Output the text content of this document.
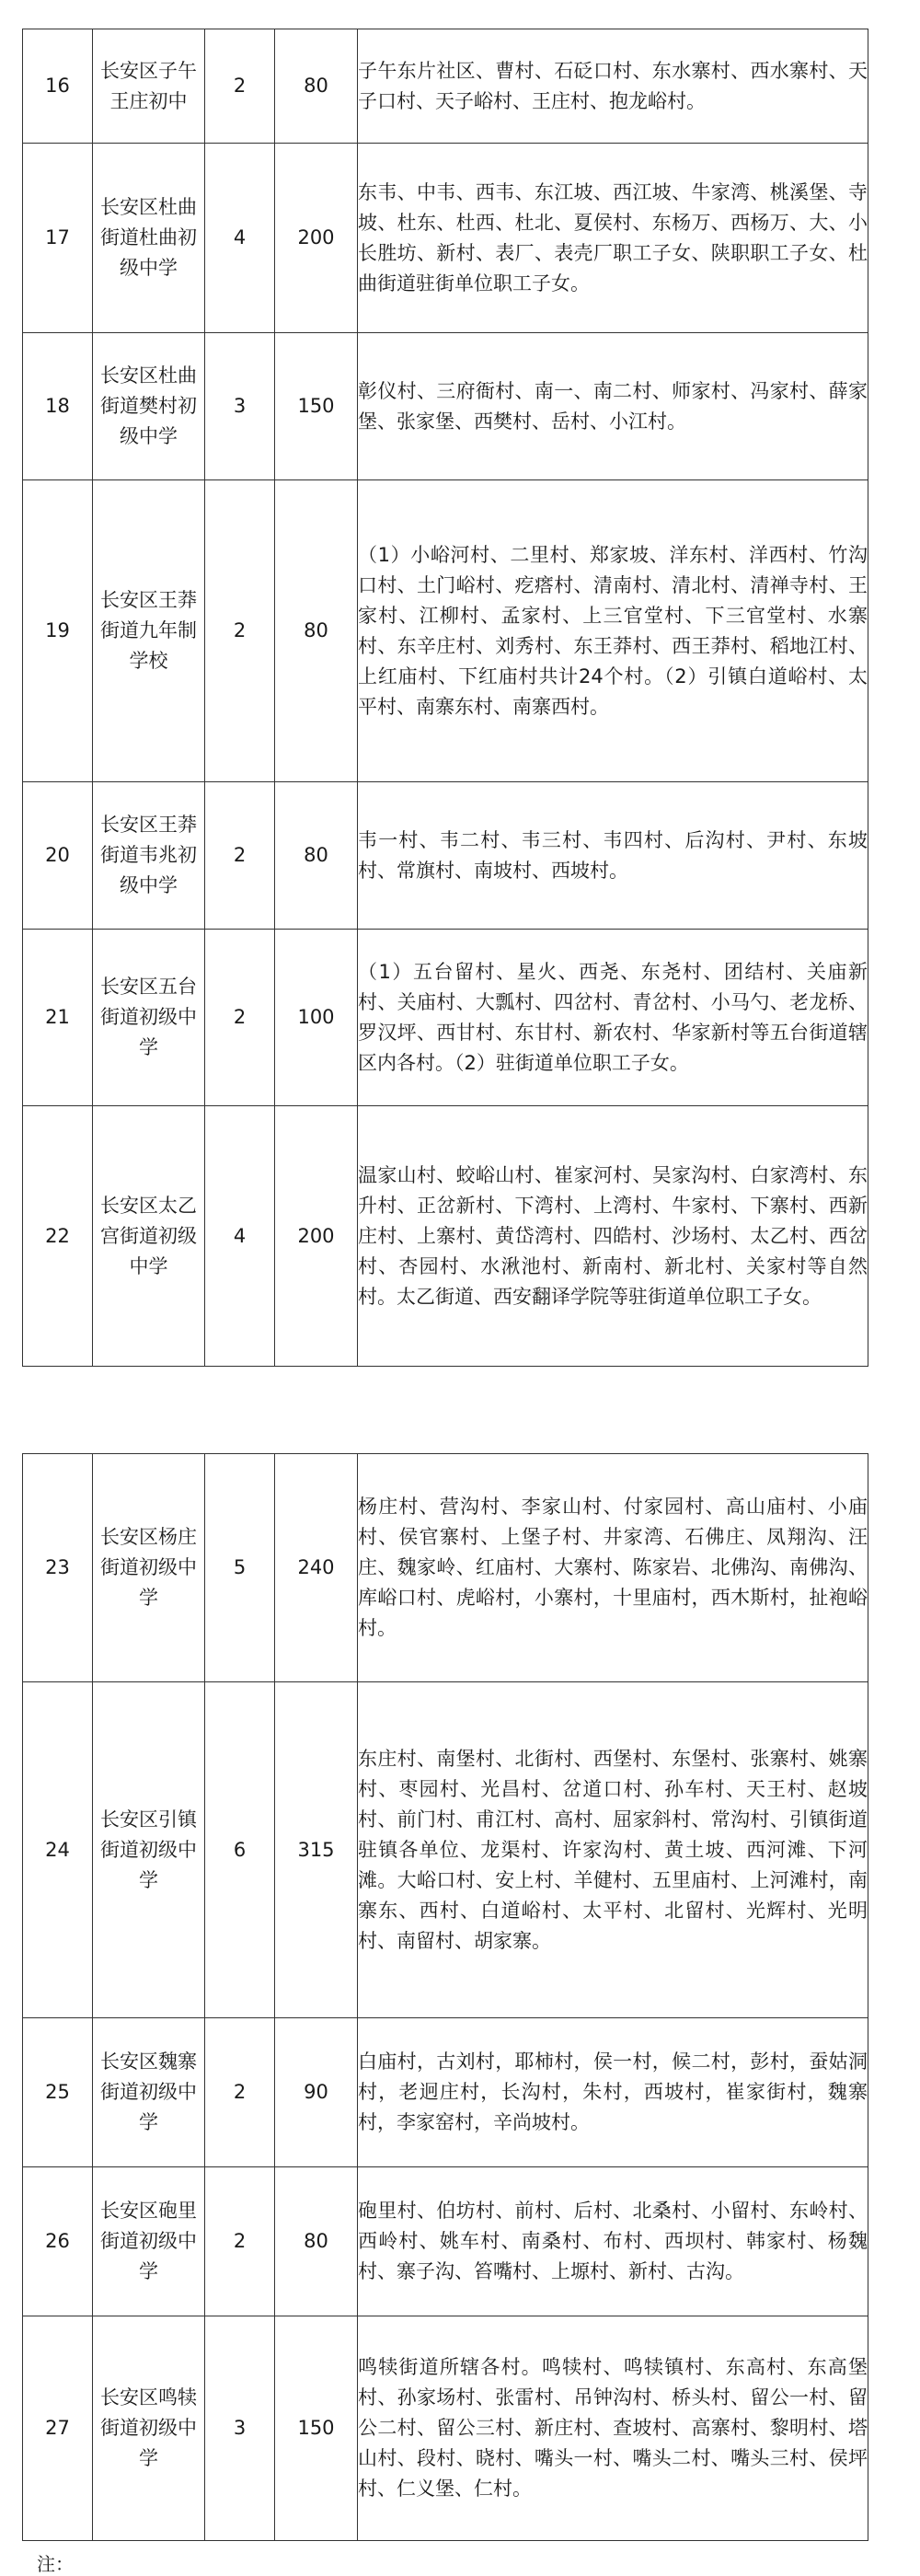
16	长安区子午王庄初中	2	80	子午东片社区、曹村、石砭口村、东水寨村、西水寨村、天子口村、天子峪村、王庄村、抱龙峪村。
17	长安区杜曲街道杜曲初级中学	4	200	东韦、中韦、西韦、东江坡、西江坡、牛家湾、桃溪堡、寺坡、杜东、杜西、杜北、夏侯村、东杨万、西杨万、大、小长胜坊、新村、表厂、表壳厂职工子女、陕职职工子女、杜曲街道驻街单位职工子女。
18	长安区杜曲街道樊村初级中学	3	150	彰仪村、三府衙村、南一、南二村、师家村、冯家村、薛家堡、张家堡、西樊村、岳村、小江村。
19	长安区王莽街道九年制学校	2	80	（1）小峪河村、二里村、郑家坡、洋东村、洋西村、竹沟口村、土门峪村、疙瘩村、清南村、清北村、清禅寺村、王家村、江柳村、孟家村、上三官堂村、下三官堂村、水寨村、东辛庄村、刘秀村、东王莽村、西王莽村、稻地江村、上红庙村、下红庙村共计24个村。（2）引镇白道峪村、太平村、南寨东村、南寨西村。
20	长安区王莽街道韦兆初级中学	2	80	韦一村、韦二村、韦三村、韦四村、后沟村、尹村、东坡村、常旗村、南坡村、西坡村。
21	长安区五台街道初级中学	2	100	（1）五台留村、星火、西尧、东尧村、团结村、关庙新村、关庙村、大瓢村、四岔村、青岔村、小马勺、老龙桥、罗汉坪、西甘村、东甘村、新农村、华家新村等五台街道辖区内各村。（2）驻街道单位职工子女。
22	长安区太乙宫街道初级中学	4	200	温家山村、蛟峪山村、崔家河村、吴家沟村、白家湾村、东升村、正岔新村、下湾村、上湾村、牛家村、下寨村、西新庄村、上寨村、黄岱湾村、四皓村、沙场村、太乙村、西岔村、杏园村、水湫池村、新南村、新北村、关家村等自然村。太乙街道、西安翻译学院等驻街道单位职工子女。
23	长安区杨庄街道初级中学	5	240	杨庄村、营沟村、李家山村、付家园村、高山庙村、小庙村、侯官寨村、上堡子村、井家湾、石佛庄、凤翔沟、汪庄、魏家岭、红庙村、大寨村、陈家岩、北佛沟、南佛沟、库峪口村、虎峪村，小寨村，十里庙村，西木斯村，扯袍峪村。
24	长安区引镇街道初级中学	6	315	东庄村、南堡村、北街村、西堡村、东堡村、张寨村、姚寨村、枣园村、光昌村、岔道口村、孙车村、天王村、赵坡村、前门村、甫江村、高村、屈家斜村、常沟村、引镇街道驻镇各单位、龙渠村、许家沟村、黄土坡、西河滩、下河滩。大峪口村、安上村、羊健村、五里庙村、上河滩村，南寨东、西村、白道峪村、太平村、北留村、光辉村、光明村、南留村、胡家寨。
25	长安区魏寨街道初级中学	2	90	白庙村，古刘村，耶柿村，侯一村，候二村，彭村，蚕姑洞村，老迥庄村，长沟村，朱村，西坡村，崔家街村，魏寨村，李家窑村，辛尚坡村。
26	长安区砲里街道初级中学	2	80	砲里村、伯坊村、前村、后村、北桑村、小留村、东岭村、西岭村、姚车村、南桑村、布村、西坝村、韩家村、杨魏村、寨子沟、笞嘴村、上塬村、新村、古沟。
27	长安区鸣犊街道初级中学	3	150	鸣犊街道所辖各村。鸣犊村、鸣犊镇村、东高村、东高堡村、孙家场村、张雷村、吊钟沟村、桥头村、留公一村、留公二村、留公三村、新庄村、查坡村、高寨村、黎明村、塔山村、段村、晓村、嘴头一村、嘴头二村、嘴头三村、侯坪村、仁义堡、仁村。
注：
